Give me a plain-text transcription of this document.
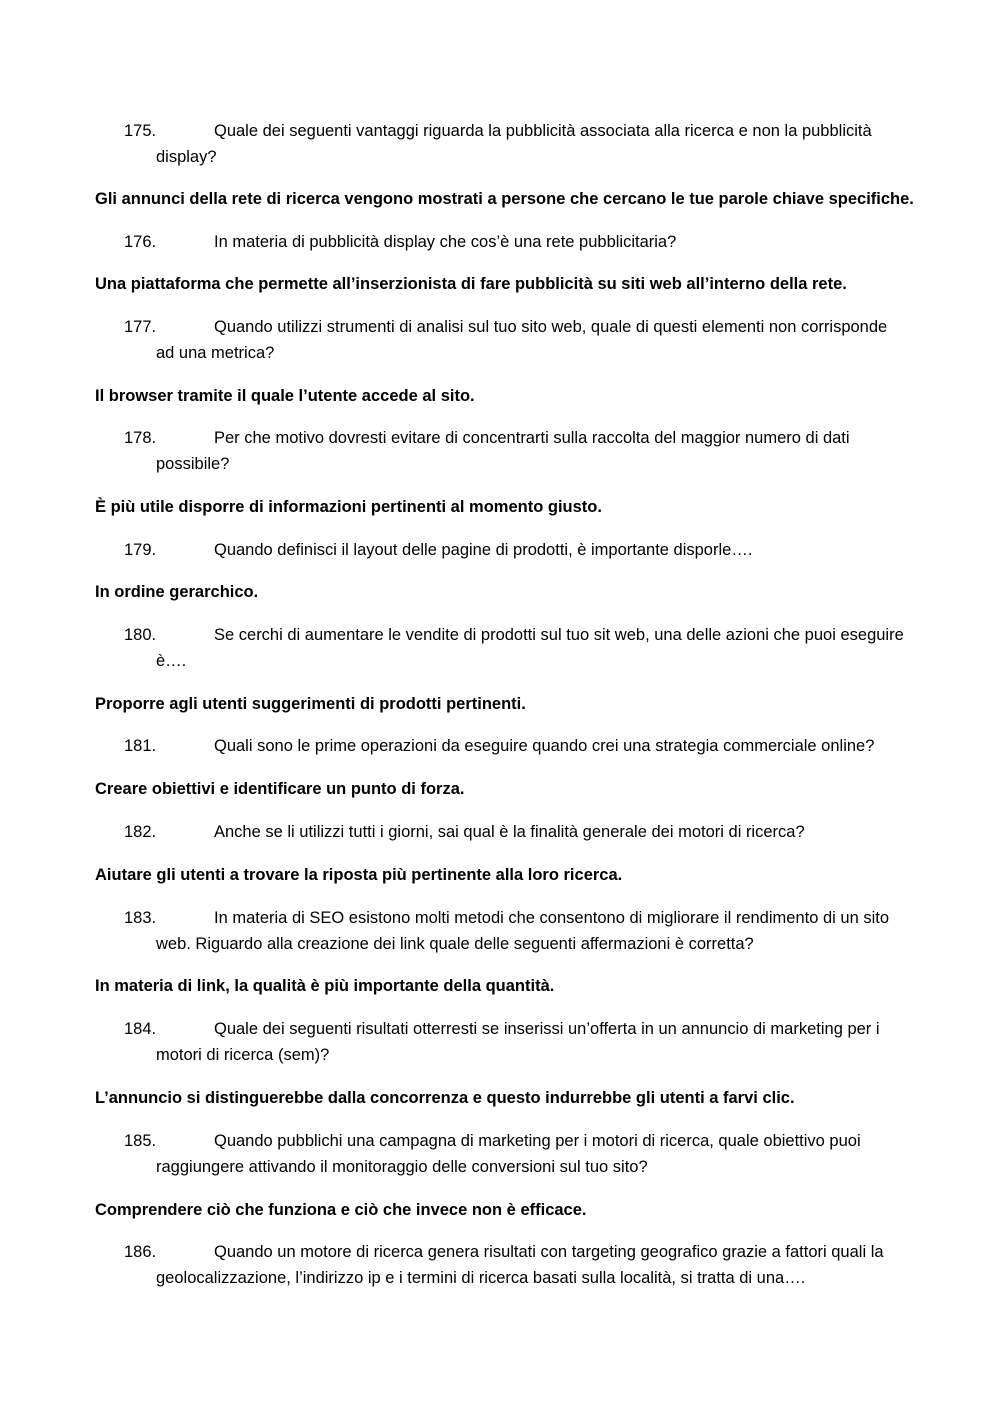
175.	Quale dei seguenti vantaggi riguarda la pubblicità associata alla ricerca e non la pubblicità display?
Gli annunci della rete di ricerca vengono mostrati a persone che cercano le tue parole chiave specifiche.
176.	In materia di pubblicità display che cos’è una rete pubblicitaria?
Una piattaforma che permette all’inserzionista di fare pubblicità su siti web all’interno della rete.
177.	Quando utilizzi strumenti di analisi sul tuo sito web, quale di questi elementi non corrisponde ad una metrica?
Il browser tramite il quale l’utente accede al sito.
178.	Per che motivo dovresti evitare di concentrarti sulla raccolta del maggior numero di dati possibile?
È più utile disporre di informazioni pertinenti al momento giusto.
179.	Quando definisci il layout delle pagine di prodotti, è importante disporle….
In ordine gerarchico.
180.	Se cerchi di aumentare le vendite di prodotti sul tuo sit web, una delle azioni che puoi eseguire è….
Proporre agli utenti suggerimenti di prodotti pertinenti.
181.	Quali sono le prime operazioni da eseguire quando crei una strategia commerciale online?
Creare obiettivi e identificare un punto di forza.
182.	Anche se li utilizzi tutti i giorni, sai qual è la finalità generale dei motori di ricerca?
Aiutare gli utenti a trovare la riposta più pertinente alla loro ricerca.
183.	In materia di SEO esistono molti metodi che consentono di migliorare il rendimento di un sito web. Riguardo alla creazione dei link quale delle seguenti affermazioni è corretta?
In materia di link, la qualità è più importante della quantità.
184.	Quale dei seguenti risultati otterresti se inserissi un’offerta in un annuncio di marketing per i motori di ricerca (sem)?
L’annuncio si distinguerebbe dalla concorrenza e questo indurrebbe gli utenti a farvi clic.
185.	Quando pubblichi una campagna di marketing per i motori di ricerca, quale obiettivo puoi raggiungere attivando il monitoraggio delle conversioni sul tuo sito?
Comprendere ciò che funziona e ciò che invece non è efficace.
186.	Quando un motore di ricerca genera risultati con targeting geografico grazie a fattori quali la geolocalizzazione, l’indirizzo ip e i termini di ricerca basati sulla località, si tratta di una….
